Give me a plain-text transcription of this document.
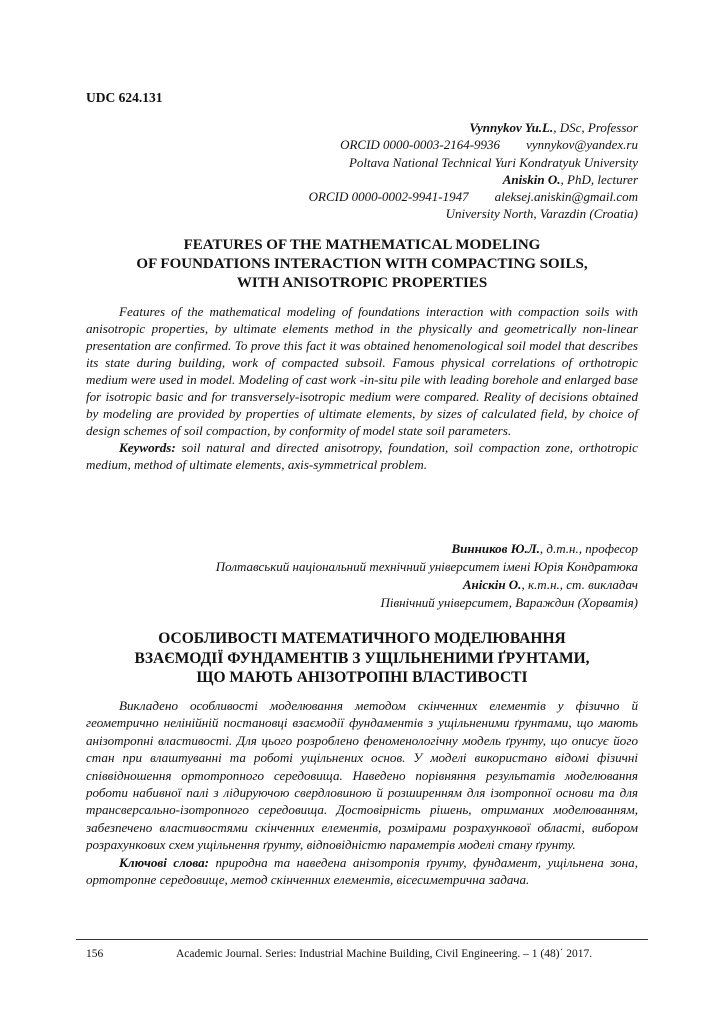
UDC 624.131
Vynnykov Yu.L., DSc, Professor
ORCID 0000-0003-2164-9936 vynnykov@yandex.ru
Poltava National Technical Yuri Kondratyuk University
Aniskin O., PhD, lecturer
ORCID 0000-0002-9941-1947 aleksej.aniskin@gmail.com
University North, Varazdin (Croatia)
FEATURES OF THE MATHEMATICAL MODELING
OF FOUNDATIONS INTERACTION WITH COMPACTING SOILS,
WITH ANISOTROPIC PROPERTIES

Features of the mathematical modeling of foundations interaction with compaction soils with anisotropic properties, by ultimate elements method in the physically and geometrically non-linear presentation are confirmed. To prove this fact it was obtained henomenological soil model that describes its state during building, work of compacted subsoil. Famous physical correlations of orthotropic medium were used in model. Modeling of cast work -in-situ pile with leading borehole and enlarged base for isotropic basic and for transversely-isotropic medium were compared. Reality of decisions obtained by modeling are provided by properties of ultimate elements, by sizes of calculated field, by choice of design schemes of soil compaction, by conformity of model state soil parameters.

Keywords: soil natural and directed anisotropy, foundation, soil compaction zone, orthotropic medium, method of ultimate elements, axis-symmetrical problem.

Винников Ю.Л., д.т.н., професор
Полтавський національний технічний університет імені Юрія Кондратюка
Аніскін О., к.т.н., ст. викладач
Північний університет, Вараждин (Хорватія)
ОСОБЛИВОСТІ МАТЕМАТИЧНОГО МОДЕЛЮВАННЯ
ВЗАЄМОДІЇ ФУНДАМЕНТІВ З УЩІЛЬНЕНИМИ ҐРУНТАМИ,
ЩО МАЮТЬ АНІЗОТРОПНІ ВЛАСТИВОСТІ

Викладено особливості моделювання методом скінченних елементів у фізично й геометрично нелінійній постановці взаємодії фундаментів з ущільненими ґрунтами, що мають анізотропні властивості. Для цього розроблено феноменологічну модель ґрунту, що описує його стан при влаштуванні та роботі ущільнених основ. У моделі використано відомі фізичні співвідношення ортотропного середовища. Наведено порівняння результатів моделювання роботи набивної палі з лідируючою свердловиною й розширенням для ізотропної основи та для трансверсально-ізотропного середовища. Достовірність рішень, отриманих моделюванням, забезпечено властивостями скінченних елементів, розмірами розрахункової області, вибором розрахункових схем ущільнення ґрунту, відповідністю параметрів моделі стану ґрунту.

Ключові слова: природна та наведена анізотропія ґрунту, фундамент, ущільнена зона, ортотропне середовище, метод скінченних елементів, вісесиметрична задача.

156	Academic Journal. Series: Industrial Machine Building, Civil Engineering. – 1 (48)΄ 2017.
